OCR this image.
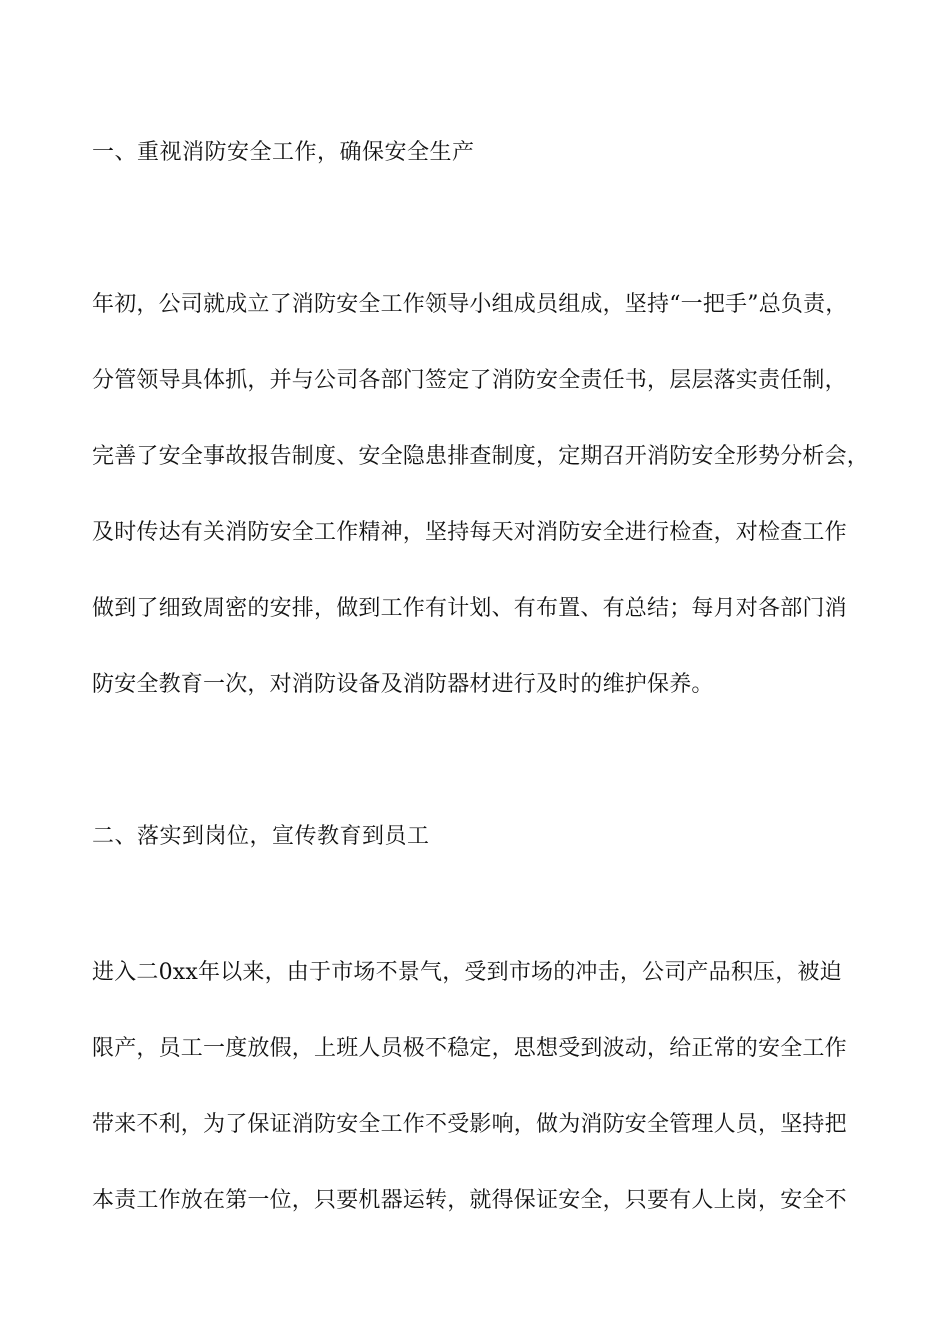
一、重视消防安全工作，确保安全生产
年初，公司就成立了消防安全工作领导小组成员组成，坚持“一把手”总负责，
分管领导具体抓，并与公司各部门签定了消防安全责任书，层层落实责任制，
完善了安全事故报告制度、安全隐患排查制度，定期召开消防安全形势分析会，
及时传达有关消防安全工作精神，坚持每天对消防安全进行检查，对检查工作
做到了细致周密的安排，做到工作有计划、有布置、有总结；每月对各部门消
防安全教育一次，对消防设备及消防器材进行及时的维护保养。
二、落实到岗位，宣传教育到员工
进入二0xx年以来，由于市场不景气，受到市场的冲击，公司产品积压，被迫
限产，员工一度放假，上班人员极不稳定，思想受到波动，给正常的安全工作
带来不利，为了保证消防安全工作不受影响，做为消防安全管理人员，坚持把
本责工作放在第一位，只要机器运转，就得保证安全，只要有人上岗，安全不
